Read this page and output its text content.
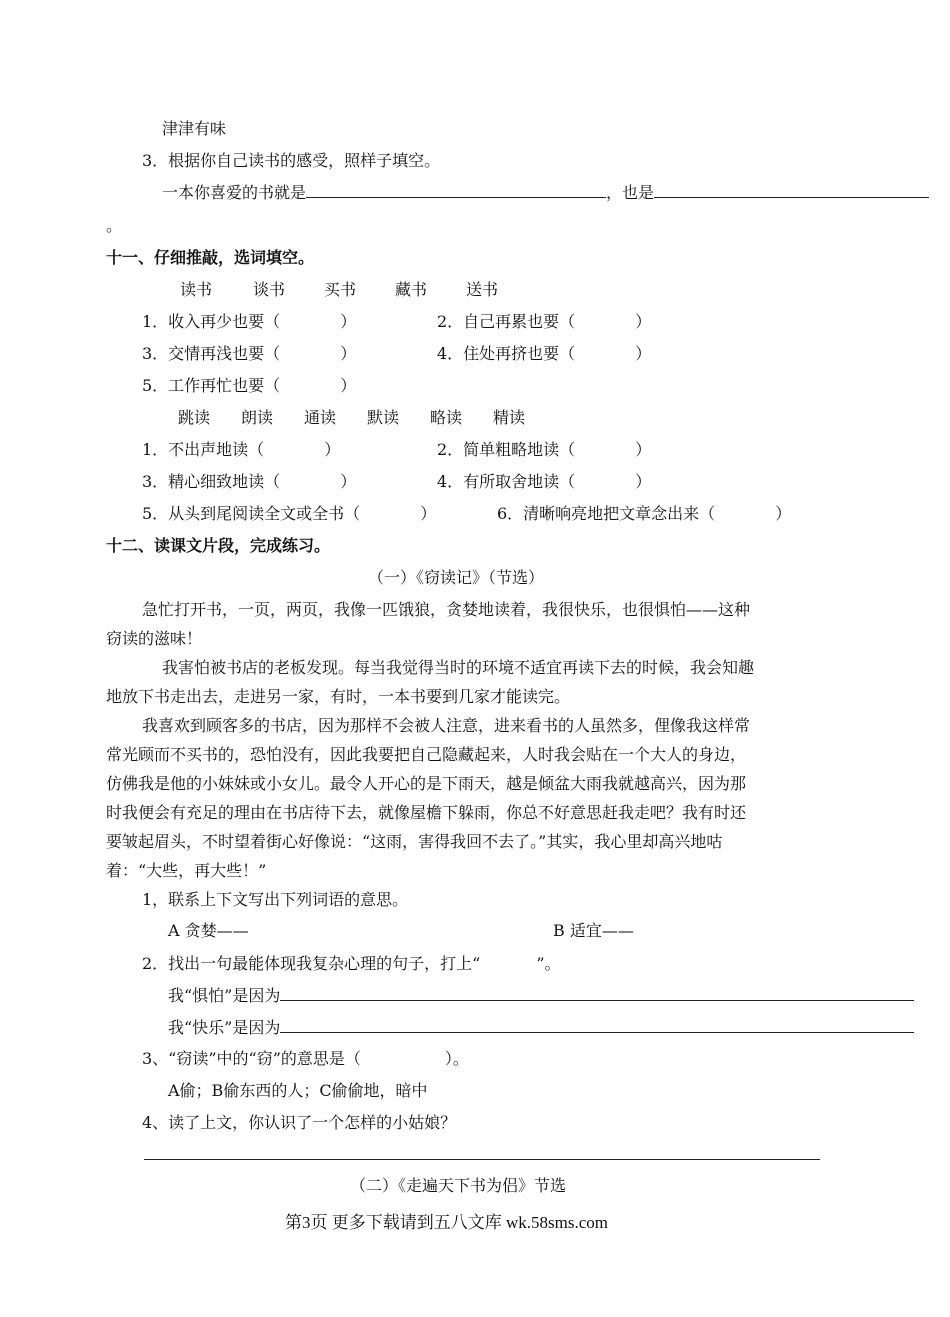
津津有味
3．根据你自己读书的感受，照样子填空。
一本你喜爱的书就是	，也是
。
十一、仔细推敲，选词填空。
读书	谈书 买书 藏书 送书
1．收入再少也要（	）	2．自己再累也要（	）
3．交情再浅也要（	）	4．住处再挤也要（	）
5．工作再忙也要（	）
跳读 朗读 通读 默读 略读 精读
1．不出声地读（	）	2．简单粗略地读（	）
3．精心细致地读（	）	4．有所取舍地读（	）
5．从头到尾阅读全文或全书（	）	6．清晰响亮地把文章念出来（	）
十二、读课文片段，完成练习。
（一）《窃读记》（节选）
急忙打开书，一页，两页，我像一匹饿狼，贪婪地读着，我很快乐，也很惧怕——这种
窃读的滋味！
我害怕被书店的老板发现。每当我觉得当时的环境不适宜再读下去的时候，我会知趣
地放下书走出去，走进另一家，有时，一本书要到几家才能读完。
我喜欢到顾客多的书店，因为那样不会被人注意，进来看书的人虽然多，俚像我这样常
常光顾而不买书的，恐怕没有，因此我要把自己隐藏起来，人时我会贴在一个大人的身边，
仿佛我是他的小妹妹或小女儿。最令人开心的是下雨天，越是倾盆大雨我就越高兴，因为那
时我便会有充足的理由在书店待下去，就像屋檐下躲雨，你总不好意思赶我走吧？我有时还
要皱起眉头，不时望着街心好像说：“这雨，害得我回不去了。”其实，我心里却高兴地咕
着：“大些，再大些！”
1，联系上下文写出下列词语的意思。
A 贪婪——	B 适宜——
2．找出一句最能体现我复杂心理的句子，打上“	”。
我“惧怕”是因为
我“快乐”是因为
3、“窃读”中的“窃”的意思是（	）。
A偷；B偷东西的人；C偷偷地，暗中
4、读了上文，你认识了一个怎样的小姑娘？
（二）《走遍天下书为侣》节选
第3页 更多下载请到五八文库 wk.58sms.com
